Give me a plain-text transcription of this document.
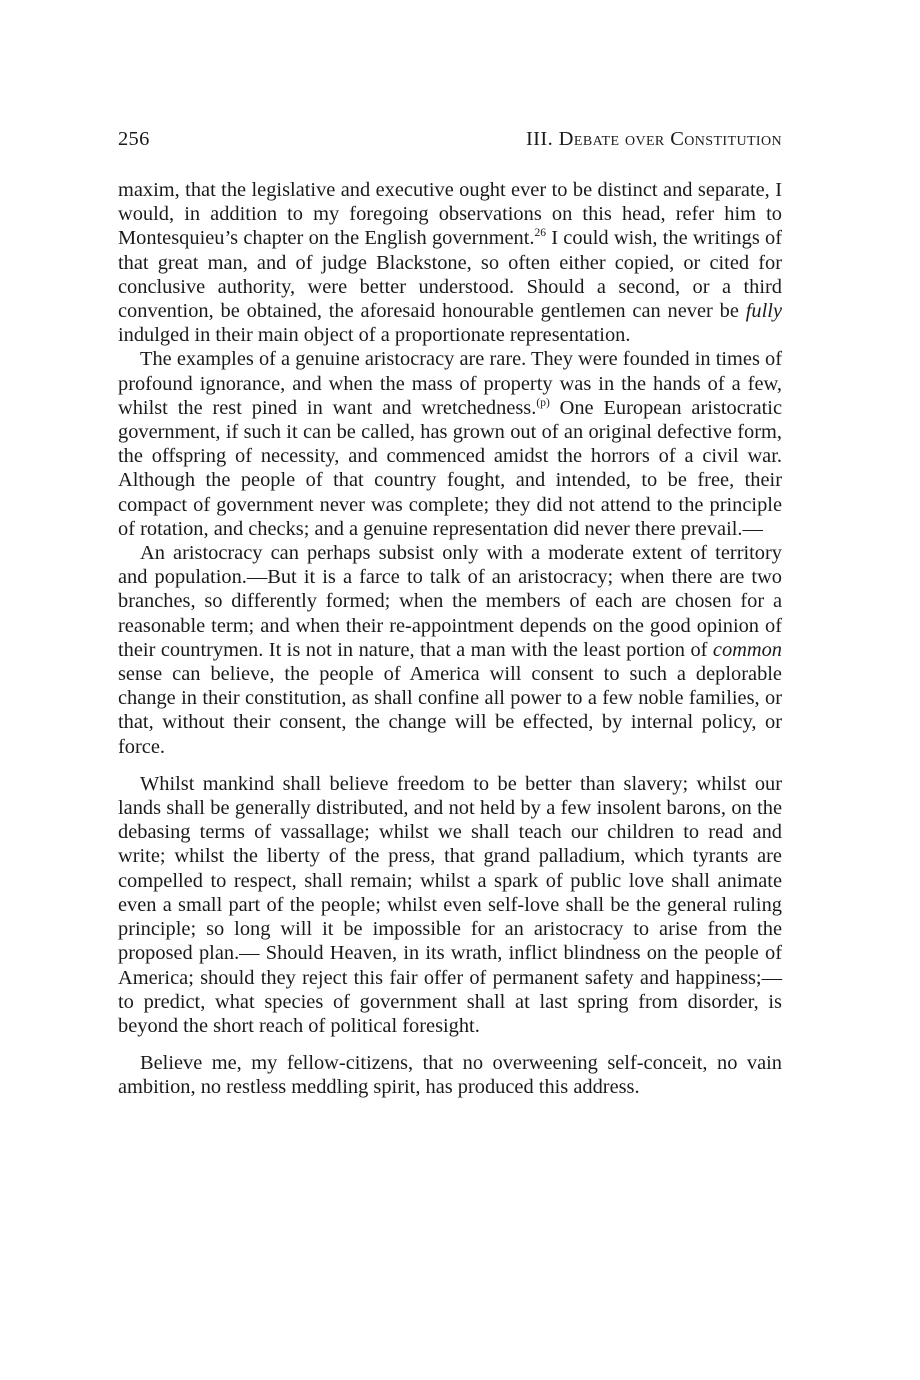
256	III. Debate over Constitution

maxim, that the legislative and executive ought ever to be distinct and separate, I would, in addition to my foregoing observations on this head, refer him to Montesquieu’s chapter on the English government.$^{26}$ I could wish, the writings of that great man, and of judge Blackstone, so often either copied, or cited for conclusive authority, were better understood. Should a second, or a third convention, be obtained, the aforesaid honourable gentlemen can never be fully indulged in their main object of a proportionate representation.

The examples of a genuine aristocracy are rare. They were founded in times of profound ignorance, and when the mass of property was in the hands of a few, whilst the rest pined in want and wretchedness.$^{(p)}$ One European aristocratic government, if such it can be called, has grown out of an original defective form, the offspring of necessity, and commenced amidst the horrors of a civil war. Although the people of that country fought, and intended, to be free, their compact of government never was complete; they did not attend to the principle of rotation, and checks; and a genuine representation did never there prevail.—

An aristocracy can perhaps subsist only with a moderate extent of territory and population.—But it is a farce to talk of an aristocracy; when there are two branches, so differently formed; when the members of each are chosen for a reasonable term; and when their re-appointment depends on the good opinion of their countrymen. It is not in nature, that a man with the least portion of common sense can believe, the people of America will consent to such a deplorable change in their constitution, as shall confine all power to a few noble families, or that, without their consent, the change will be effected, by internal policy, or force.

Whilst mankind shall believe freedom to be better than slavery; whilst our lands shall be generally distributed, and not held by a few insolent barons, on the debasing terms of vassallage; whilst we shall teach our children to read and write; whilst the liberty of the press, that grand palladium, which tyrants are compelled to respect, shall remain; whilst a spark of public love shall animate even a small part of the people; whilst even self-love shall be the general ruling principle; so long will it be impossible for an aristocracy to arise from the proposed plan.— Should Heaven, in its wrath, inflict blindness on the people of America; should they reject this fair offer of permanent safety and happiness;— to predict, what species of government shall at last spring from disorder, is beyond the short reach of political foresight.

Believe me, my fellow-citizens, that no overweening self-conceit, no vain ambition, no restless meddling spirit, has produced this address.
